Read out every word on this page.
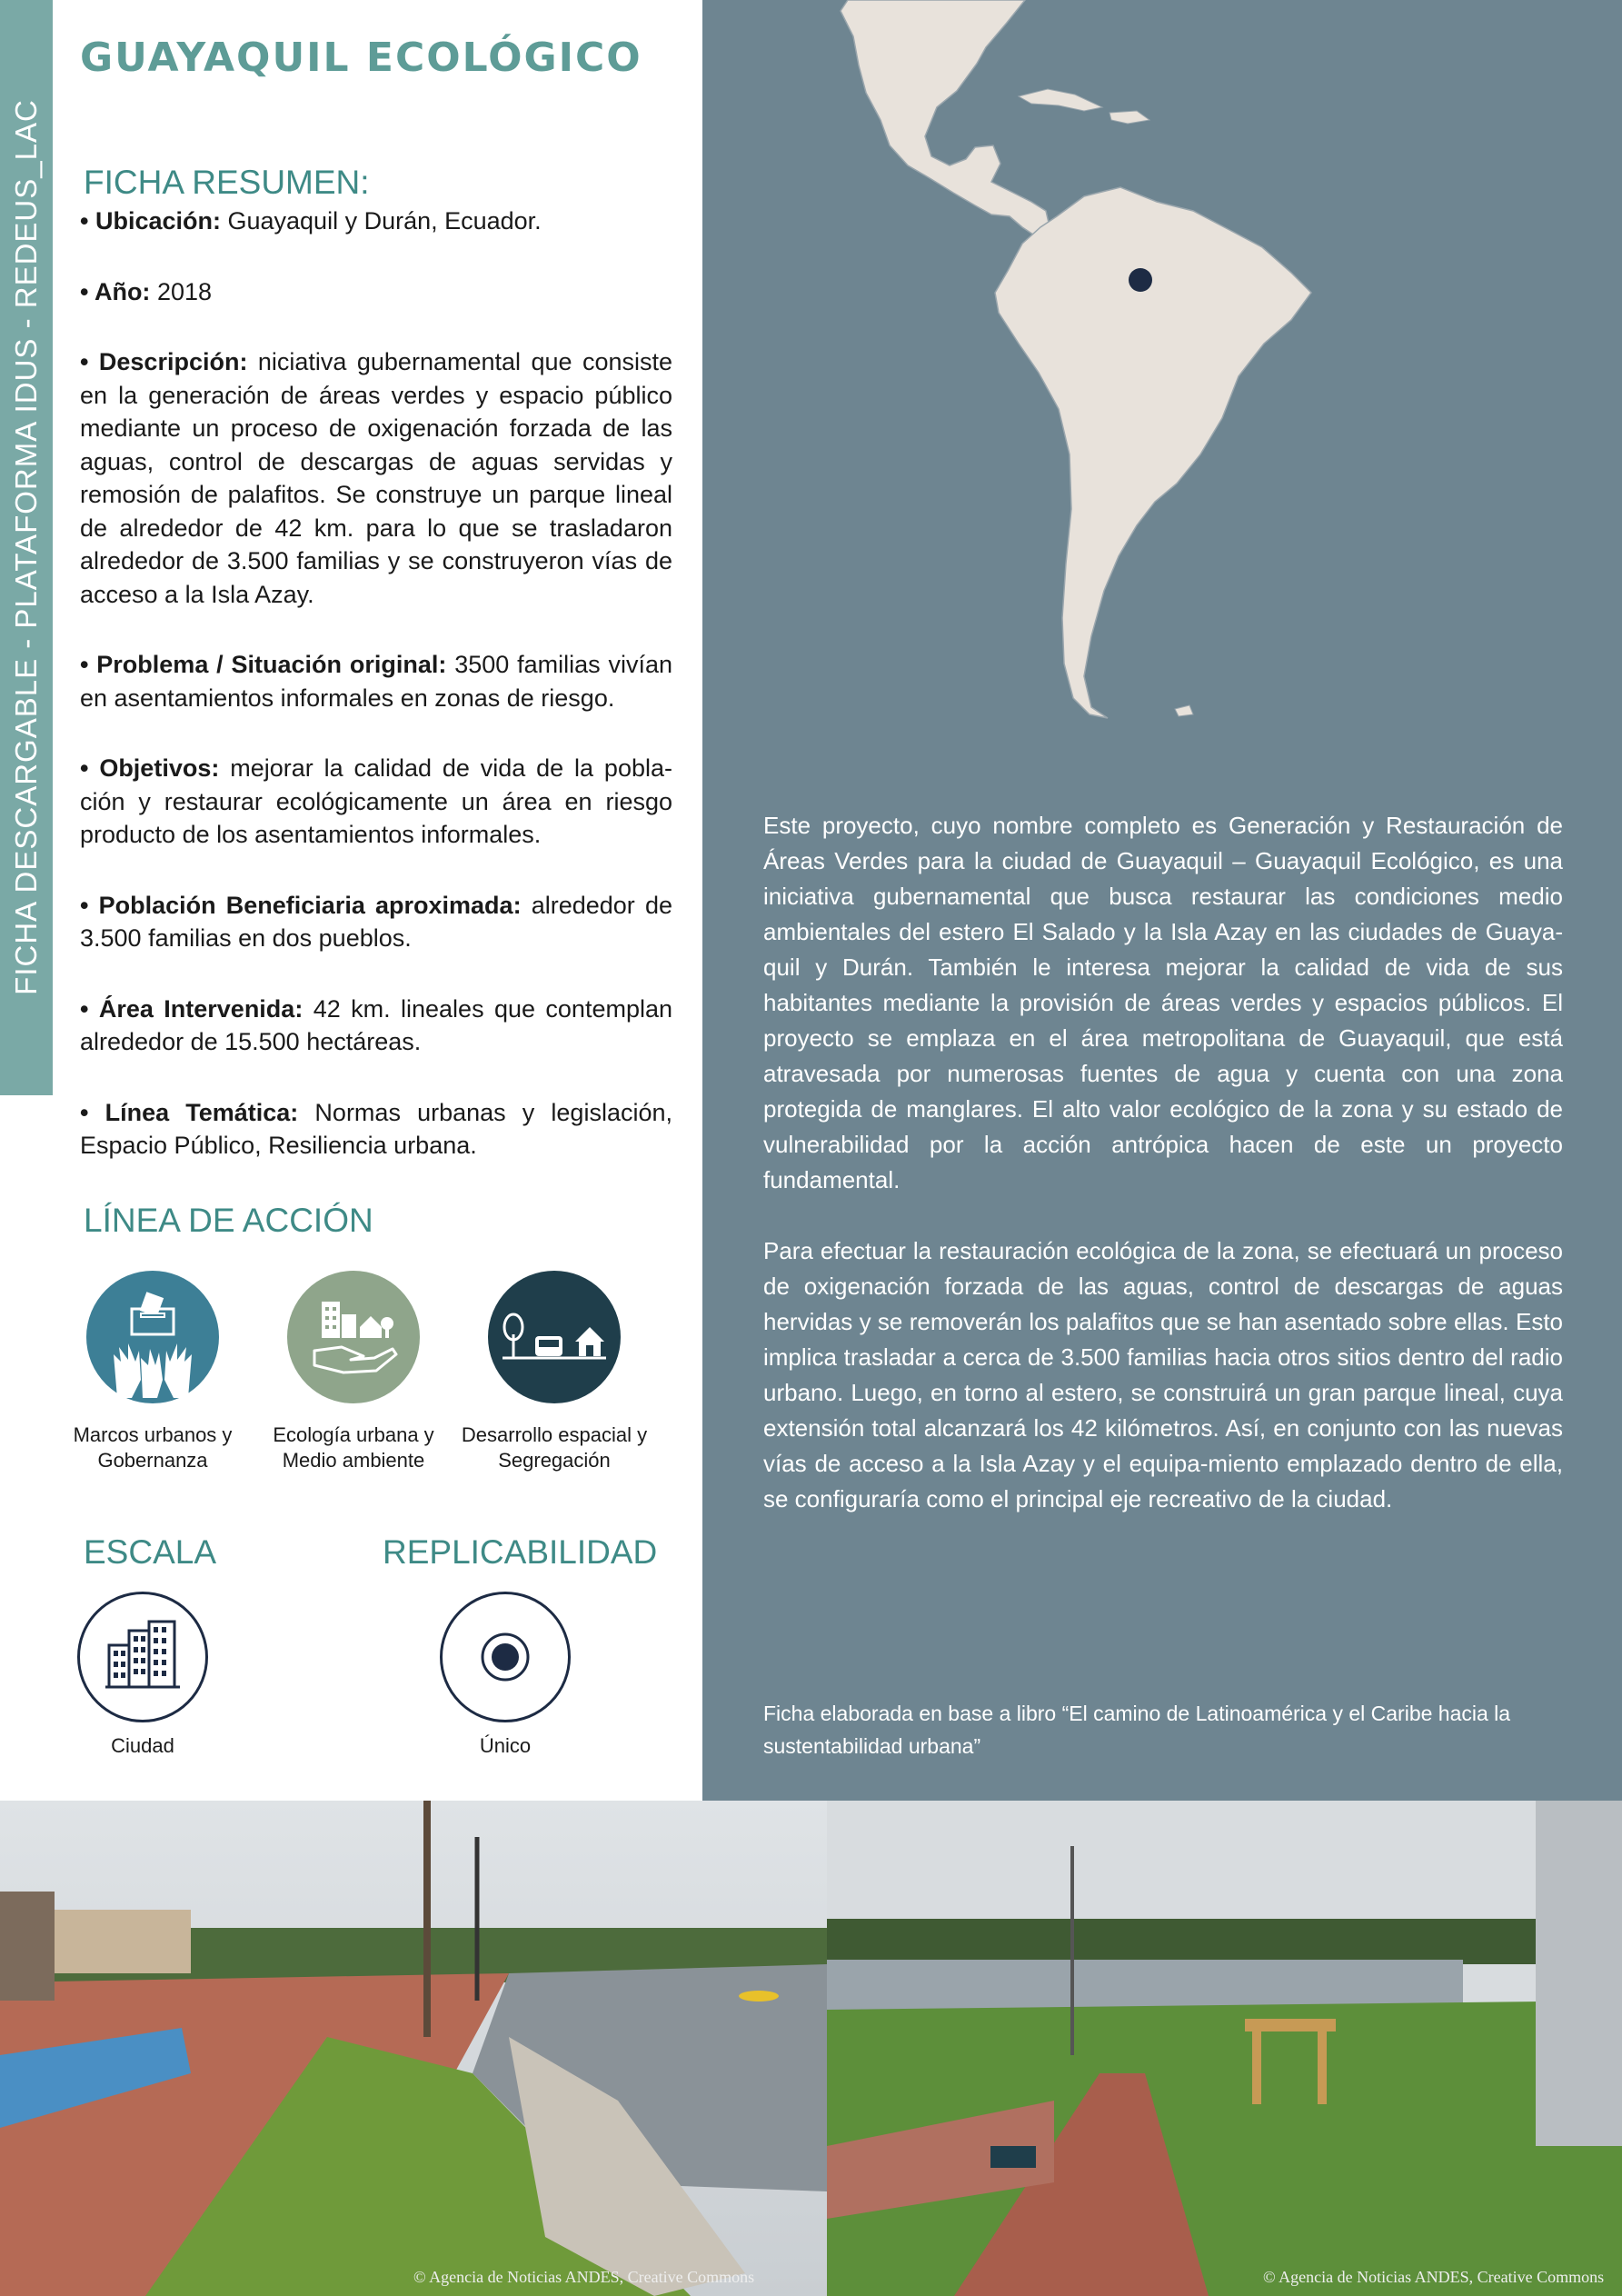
FICHA DESCARGABLE - PLATAFORMA IDUS - REDEUS_LAC
GUAYAQUIL ECOLÓGICO
FICHA RESUMEN:

• Ubicación: Guayaquil y Durán, Ecuador.

• Año: 2018

• Descripción: niciativa gubernamental que consiste en la generación de áreas verdes y espacio público mediante un proceso de oxigenación forzada de las aguas, control de descargas de aguas servidas y remosión de palafitos. Se construye un parque lineal de alrededor de 42 km. para lo que se trasladaron alrededor de 3.500 familias y se construyeron vías de acceso a la Isla Azay.

• Problema / Situación original: 3500 familias vivían en asentamientos informales en zonas de riesgo.

• Objetivos: mejorar la calidad de vida de la pobla-ción y restaurar ecológicamente un área en riesgo producto de los asentamientos informales.

• Población Beneficiaria aproximada: alrededor de 3.500 familias en dos pueblos.

• Área Intervenida: 42 km. lineales que contemplan alrededor de 15.500 hectáreas.

• Línea Temática: Normas urbanas y legislación, Espacio Público, Resiliencia urbana.

LÍNEA DE ACCIÓN
Marcos urbanos y
Gobernanza
Ecología urbana y
Medio ambiente
Desarrollo espacial y
Segregación
ESCALA	REPLICABILIDAD
Ciudad	Único

Este proyecto, cuyo nombre completo es Generación y Restauración de Áreas Verdes para la ciudad de Guayaquil – Guayaquil Ecológico, es una iniciativa gubernamental que busca restaurar las condiciones medio ambientales del estero El Salado y la Isla Azay en las ciudades de Guaya-quil y Durán. También le interesa mejorar la calidad de vida de sus habitantes mediante la provisión de áreas verdes y espacios públicos. El proyecto se emplaza en el área metropolitana de Guayaquil, que está atravesada por numerosas fuentes de agua y cuenta con una zona protegida de manglares. El alto valor ecológico de la zona y su estado de vulnerabilidad por la acción antrópica hacen de este un proyecto fundamental.

Para efectuar la restauración ecológica de la zona, se efectuará un proceso de oxigenación forzada de las aguas, control de descargas de aguas hervidas y se removerán los palafitos que se han asentado sobre ellas. Esto implica trasladar a cerca de 3.500 familias hacia otros sitios dentro del radio urbano. Luego, en torno al estero, se construirá un gran parque lineal, cuya extensión total alcanzará los 42 kilómetros. Así, en conjunto con las nuevas vías de acceso a la Isla Azay y el equipa-miento emplazado dentro de ella, se configuraría como el principal eje recreativo de la ciudad.

Ficha elaborada en base a libro “El camino de Latinoamérica y el Caribe hacia la sustentabilidad urbana”
© Agencia de Noticias ANDES, Creative Commons	© Agencia de Noticias ANDES, Creative Commons
